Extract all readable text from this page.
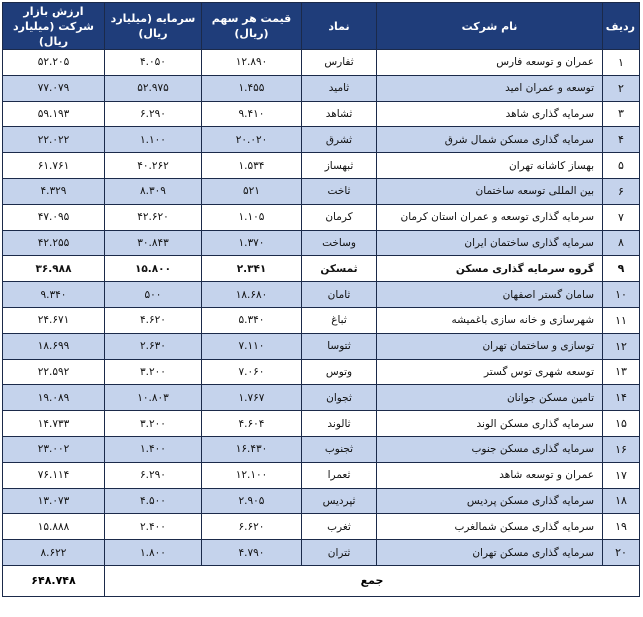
ردیف	نام شرکت	نماد	قیمت هر سهم (ریال)	سرمایه (میلیارد ریال)	ارزش بازار شرکت (میلیارد ریال)
۱	عمران و توسعه فارس	ثفارس	۱۲.۸۹۰	۴.۰۵۰	۵۲.۲۰۵
۲	توسعه و عمران امید	ثامید	۱.۴۵۵	۵۲.۹۷۵	۷۷.۰۷۹
۳	سرمایه گذاری شاهد	ثشاهد	۹.۴۱۰	۶.۲۹۰	۵۹.۱۹۳
۴	سرمایه گذاری مسکن شمال شرق	ثشرق	۲۰.۰۲۰	۱.۱۰۰	۲۲.۰۲۲
۵	بهساز کاشانه تهران	ثبهساز	۱.۵۳۴	۴۰.۲۶۲	۶۱.۷۶۱
۶	بین المللی توسعه ساختمان	ثاخت	۵۲۱	۸.۳۰۹	۴.۳۲۹
۷	سرمایه گذاری توسعه و عمران استان کرمان	کرمان	۱.۱۰۵	۴۲.۶۲۰	۴۷.۰۹۵
۸	سرمایه گذاری ساختمان ایران	وساخت	۱.۳۷۰	۳۰.۸۴۳	۴۲.۲۵۵
۹	گروه سرمایه گذاری مسکن	ثمسکن	۲.۳۴۱	۱۵.۸۰۰	۳۶.۹۸۸
۱۰	سامان گستر اصفهان	ثامان	۱۸.۶۸۰	۵۰۰	۹.۳۴۰
۱۱	شهرسازی و خانه سازی باغمیشه	ثباغ	۵.۳۴۰	۴.۶۲۰	۲۴.۶۷۱
۱۲	توسازی و ساختمان تهران	ثتوسا	۷.۱۱۰	۲.۶۳۰	۱۸.۶۹۹
۱۳	توسعه شهری توس گستر	وتوس	۷.۰۶۰	۳.۲۰۰	۲۲.۵۹۲
۱۴	تامین مسکن جوانان	ثجوان	۱.۷۶۷	۱۰.۸۰۳	۱۹.۰۸۹
۱۵	سرمایه گذاری مسکن الوند	ثالوند	۴.۶۰۴	۳.۲۰۰	۱۴.۷۳۳
۱۶	سرمایه گذاری مسکن جنوب	ثجنوب	۱۶.۴۳۰	۱.۴۰۰	۲۳.۰۰۲
۱۷	عمران و توسعه شاهد	ثعمرا	۱۲.۱۰۰	۶.۲۹۰	۷۶.۱۱۴
۱۸	سرمایه گذاری مسکن پردیس	ثپردیس	۲.۹۰۵	۴.۵۰۰	۱۳.۰۷۳
۱۹	سرمایه گذاری مسکن شمالغرب	ثغرب	۶.۶۲۰	۲.۴۰۰	۱۵.۸۸۸
۲۰	سرمایه گذاری مسکن تهران	ثتران	۴.۷۹۰	۱.۸۰۰	۸.۶۲۲
جمع					۶۴۸.۷۴۸
